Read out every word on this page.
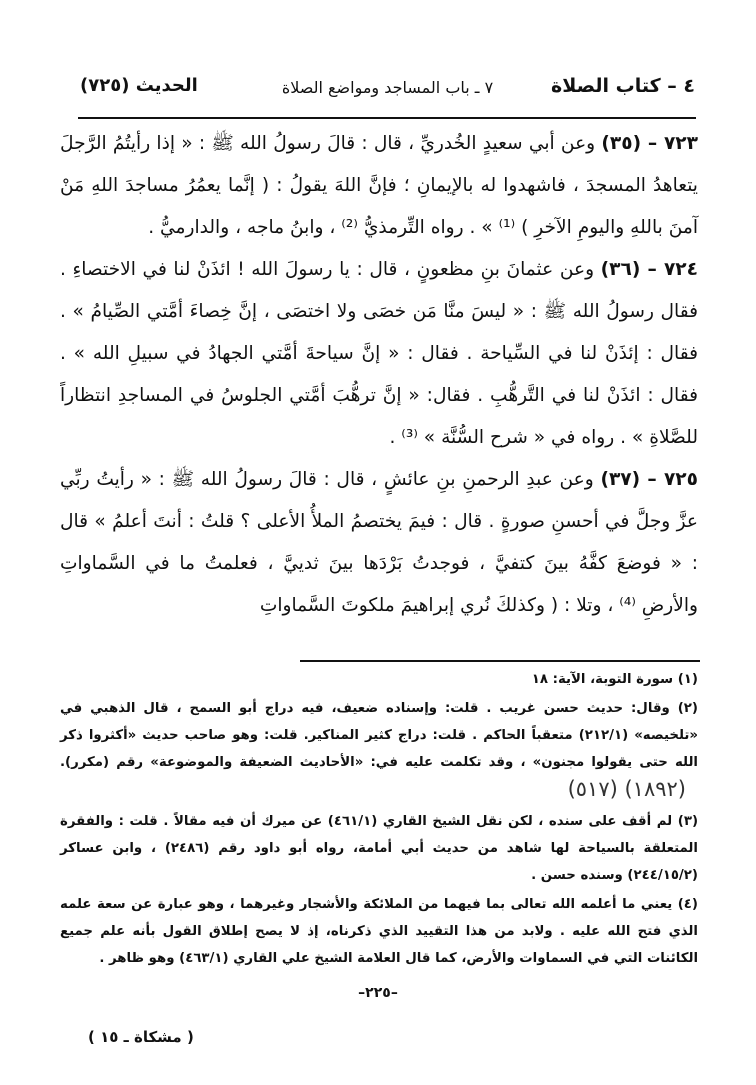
٤ – كتاب الصلاة
٧ ـ باب المساجد ومواضع الصلاة
الحديث (٧٢٥)

٧٢٣ – (٣٥) وعن أبي سعيدٍ الخُدريِّ ، قال : قالَ رسولُ الله ﷺ : « إذا رأيتُمُ الرَّجلَ يتعاهدُ المسجدَ ، فاشهدوا له بالإيمانِ ؛ فإنَّ اللهَ يقولُ : ( إنَّما يعمُرُ مساجدَ اللهِ مَنْ آمنَ باللهِ واليومِ الآخرِ ) ⁽¹⁾ » . رواه التِّرمذيُّ ⁽²⁾ ، وابنُ ماجه ، والدارميُّ .

٧٢٤ – (٣٦) وعن عثمانَ بنِ مظعونٍ ، قال : يا رسولَ الله ! ائذَنْ لنا في الاختصاءِ . فقال رسولُ الله ﷺ : « ليسَ منَّا مَن خصَى ولا اختصَى ، إنَّ خِصاءَ أمَّتي الصِّيامُ » . فقال : إئذَنْ لنا في السِّياحة . فقال : « إنَّ سياحةَ أمَّتي الجهادُ في سبيلِ الله » . فقال : ائذَنْ لنا في التَّرهُّبِ . فقال: « إنَّ ترهُّبَ أمَّتي الجلوسُ في المساجدِ انتظاراً للصَّلاةِ » . رواه في « شرح السُّنَّة » ⁽³⁾ .

٧٢٥ – (٣٧) وعن عبدِ الرحمنِ بنِ عائشٍ ، قال : قالَ رسولُ الله ﷺ : « رأيتُ ربِّي عزَّ وجلَّ في أحسنِ صورةٍ . قال : فيمَ يختصمُ الملأُ الأعلى ؟ قلتُ : أنتَ أعلمُ » قال : « فوضعَ كفَّهُ بينَ كتفيَّ ، فوجدتُ بَرْدَها بينَ ثدييَّ ، فعلمتُ ما في السَّماواتِ والأرضِ ⁽⁴⁾ ، وتلا : ( وكذلكَ نُري إبراهيمَ ملكوتَ السَّماواتِ

(١) سورة التوبة، الآية: ١٨

(٢) وقال: حديث حسن غريب . قلت: وإسناده ضعيف، فيه دراج أبو السمح ، قال الذهبي في «تلخيصه» (٢١٢/١) متعقباً الحاكم . قلت: دراج كثير المناكير. قلت: وهو صاحب حديث «أكثروا ذكر الله حتى يقولوا مجنون» ، وقد تكلمت عليه في: «الأحاديث الضعيفة والموضوعة» رقم (مكرر). (١٨٩٢) (٥١٧)

(٣) لم أقف على سنده ، لكن نقل الشيخ القاري (٤٦١/١) عن ميرك أن فيه مقالاً . قلت : والفقرة المتعلقة بالسياحة لها شاهد من حديث أبي أمامة، رواه أبو داود رقم (٢٤٨٦) ، وابن عساكر (٢٤٤/١٥/٢) وسنده حسن .

(٤) يعني ما أعلمه الله تعالى بما فيهما من الملائكة والأشجار وغيرهما ، وهو عبارة عن سعة علمه الذي فتح الله عليه . ولابد من هذا التقييد الذي ذكرناه، إذ لا يصح إطلاق القول بأنه علم جميع الكائنات التي في السماوات والأرض، كما قال العلامة الشيخ علي القاري (٤٦٣/١) وهو ظاهر .

–٢٢٥–
( مشكاة ـ ١٥ )
